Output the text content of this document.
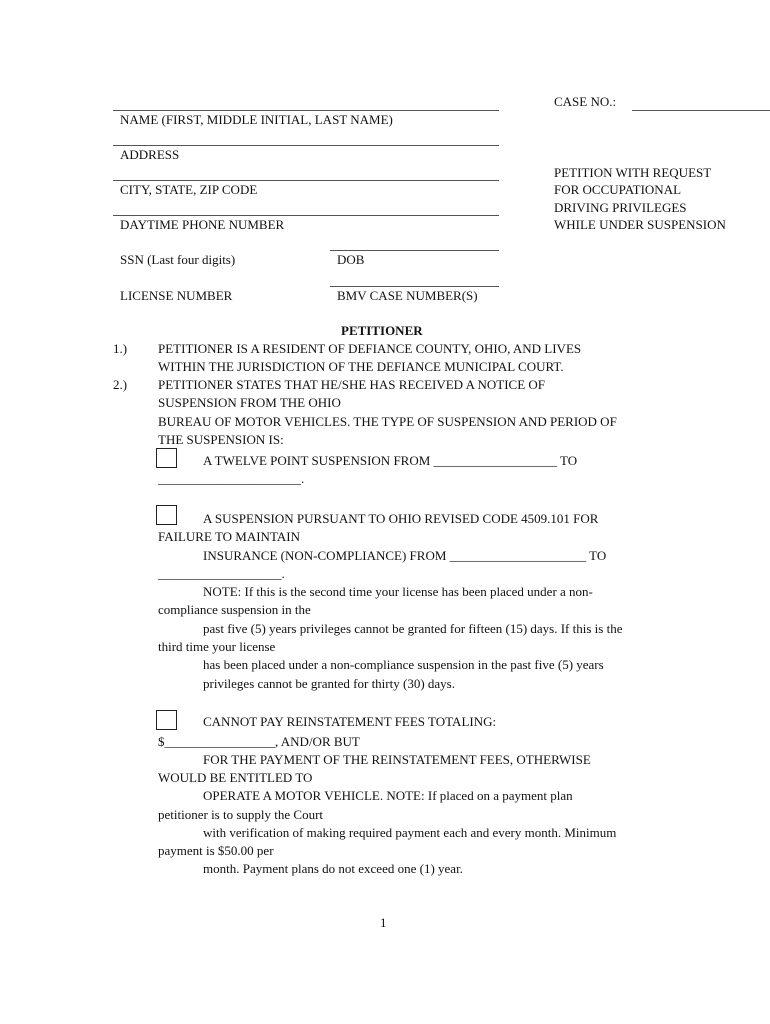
CASE NO.:
NAME (FIRST, MIDDLE INITIAL, LAST NAME)
ADDRESS
CITY, STATE, ZIP CODE
DAYTIME PHONE NUMBER
SSN (Last four digits)	DOB
LICENSE NUMBER	BMV CASE NUMBER(S)
PETITION WITH REQUEST
FOR OCCUPATIONAL
DRIVING PRIVILEGES
WHILE UNDER SUSPENSION
PETITIONER
1.) PETITIONER IS A RESIDENT OF DEFIANCE COUNTY, OHIO, AND LIVES
WITHIN THE JURISDICTION OF THE DEFIANCE MUNICIPAL COURT.
2.) PETITIONER STATES THAT HE/SHE HAS RECEIVED A NOTICE OF
SUSPENSION FROM THE OHIO
BUREAU OF MOTOR VEHICLES. THE TYPE OF SUSPENSION AND PERIOD OF
THE SUSPENSION IS:
A TWELVE POINT SUSPENSION FROM ___________________ TO
______________________.
A SUSPENSION PURSUANT TO OHIO REVISED CODE 4509.101 FOR
FAILURE TO MAINTAIN
INSURANCE (NON-COMPLIANCE) FROM _____________________ TO
___________________.
NOTE: If this is the second time your license has been placed under a non-
compliance suspension in the
past five (5) years privileges cannot be granted for fifteen (15) days. If this is the
third time your license
has been placed under a non-compliance suspension in the past five (5) years
privileges cannot be granted for thirty (30) days.
CANNOT PAY REINSTATEMENT FEES TOTALING:
$_________________, AND/OR BUT
FOR THE PAYMENT OF THE REINSTATEMENT FEES, OTHERWISE
WOULD BE ENTITLED TO
OPERATE A MOTOR VEHICLE. NOTE: If placed on a payment plan
petitioner is to supply the Court
with verification of making required payment each and every month. Minimum
payment is $50.00 per
month. Payment plans do not exceed one (1) year.
1
